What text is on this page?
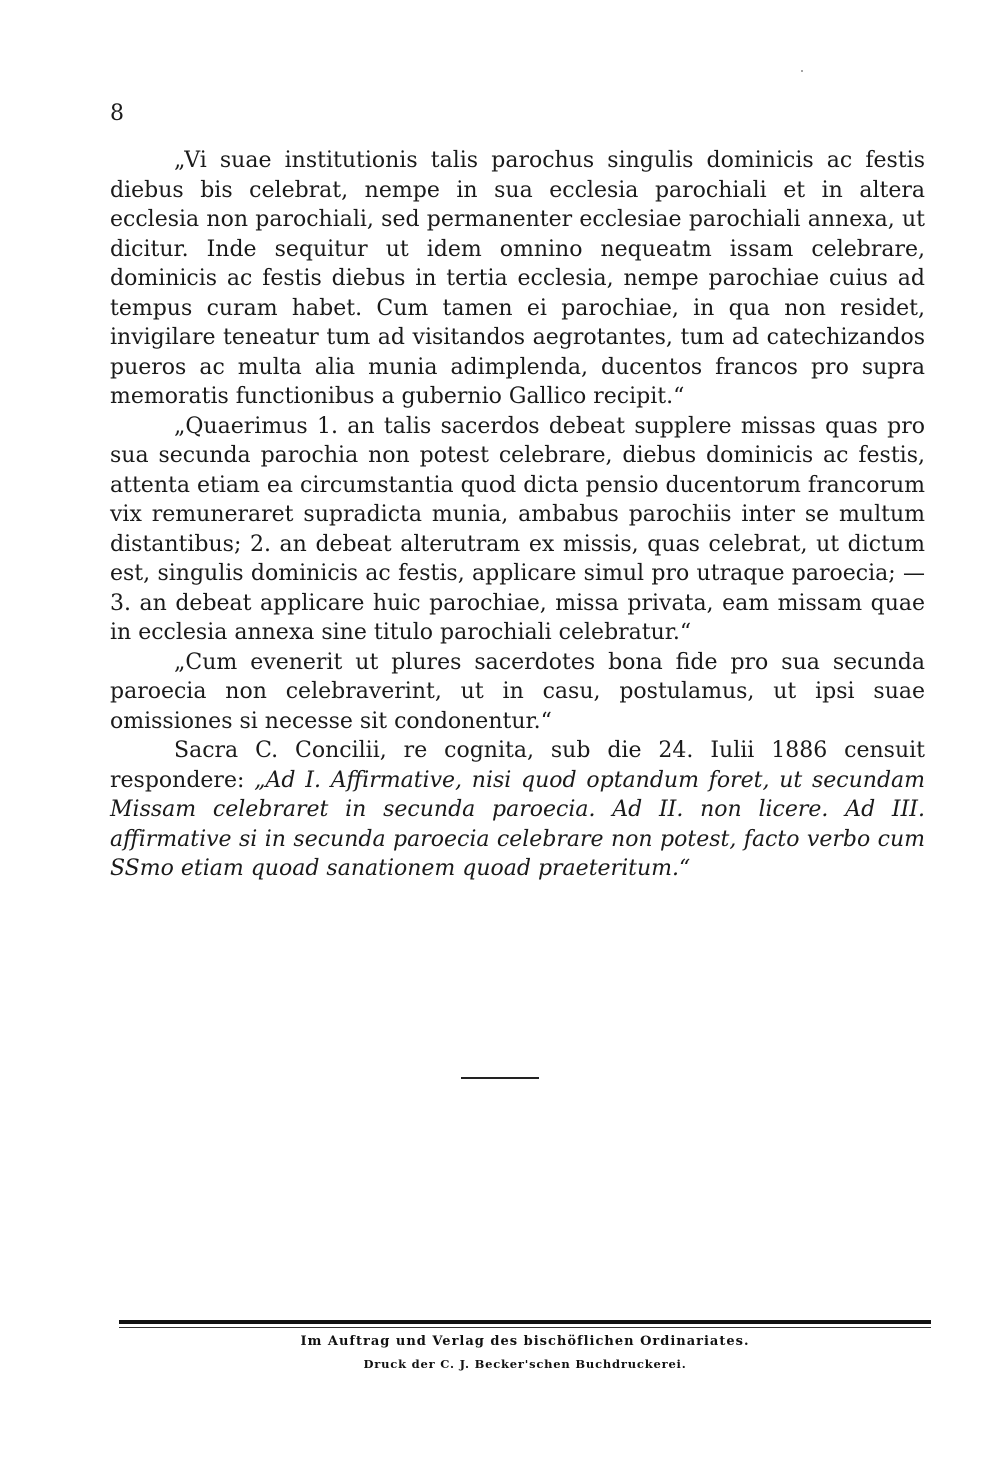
8

„Vi suae institutionis talis parochus singulis dominicis ac festis diebus bis celebrat, nempe in sua ecclesia parochiali et in altera ecclesia non parochiali, sed permanenter ecclesiae parochiali annexa, ut dicitur. Inde sequitur ut idem omnino nequeatm issam celebrare, dominicis ac festis diebus in tertia ecclesia, nempe parochiae cuius ad tempus curam habet. Cum tamen ei parochiae, in qua non residet, invigilare teneatur tum ad visitandos aegrotantes, tum ad catechizandos pueros ac multa alia munia adimplenda, ducentos francos pro supra memoratis functionibus a gubernio Gallico recipit.“

„Quaerimus 1. an talis sacerdos debeat supplere missas quas pro sua secunda parochia non potest celebrare, diebus dominicis ac festis, attenta etiam ea circumstantia quod dicta pensio ducentorum francorum vix remuneraret supradicta munia, ambabus parochiis inter se multum distantibus; 2. an debeat alterutram ex missis, quas celebrat, ut dictum est, singulis dominicis ac festis, applicare simul pro utraque paroecia; — 3. an debeat applicare huic parochiae, missa privata, eam missam quae in ecclesia annexa sine titulo parochiali celebratur.“

„Cum evenerit ut plures sacerdotes bona fide pro sua secunda paroecia non celebraverint, ut in casu, postulamus, ut ipsi suae omissiones si necesse sit condonentur.“

Sacra C. Concilii, re cognita, sub die 24. Iulii 1886 censuit respondere: „Ad I. Affirmative, nisi quod optandum foret, ut secundam Missam celebraret in secunda paroecia. Ad II. non licere. Ad III. affirmative si in secunda paroecia celebrare non potest, facto verbo cum SSmo etiam quoad sanationem quoad praeteritum.“

Im Auftrag und Verlag des bischöflichen Ordinariates.
Druck der C. J. Becker'schen Buchdruckerei.
